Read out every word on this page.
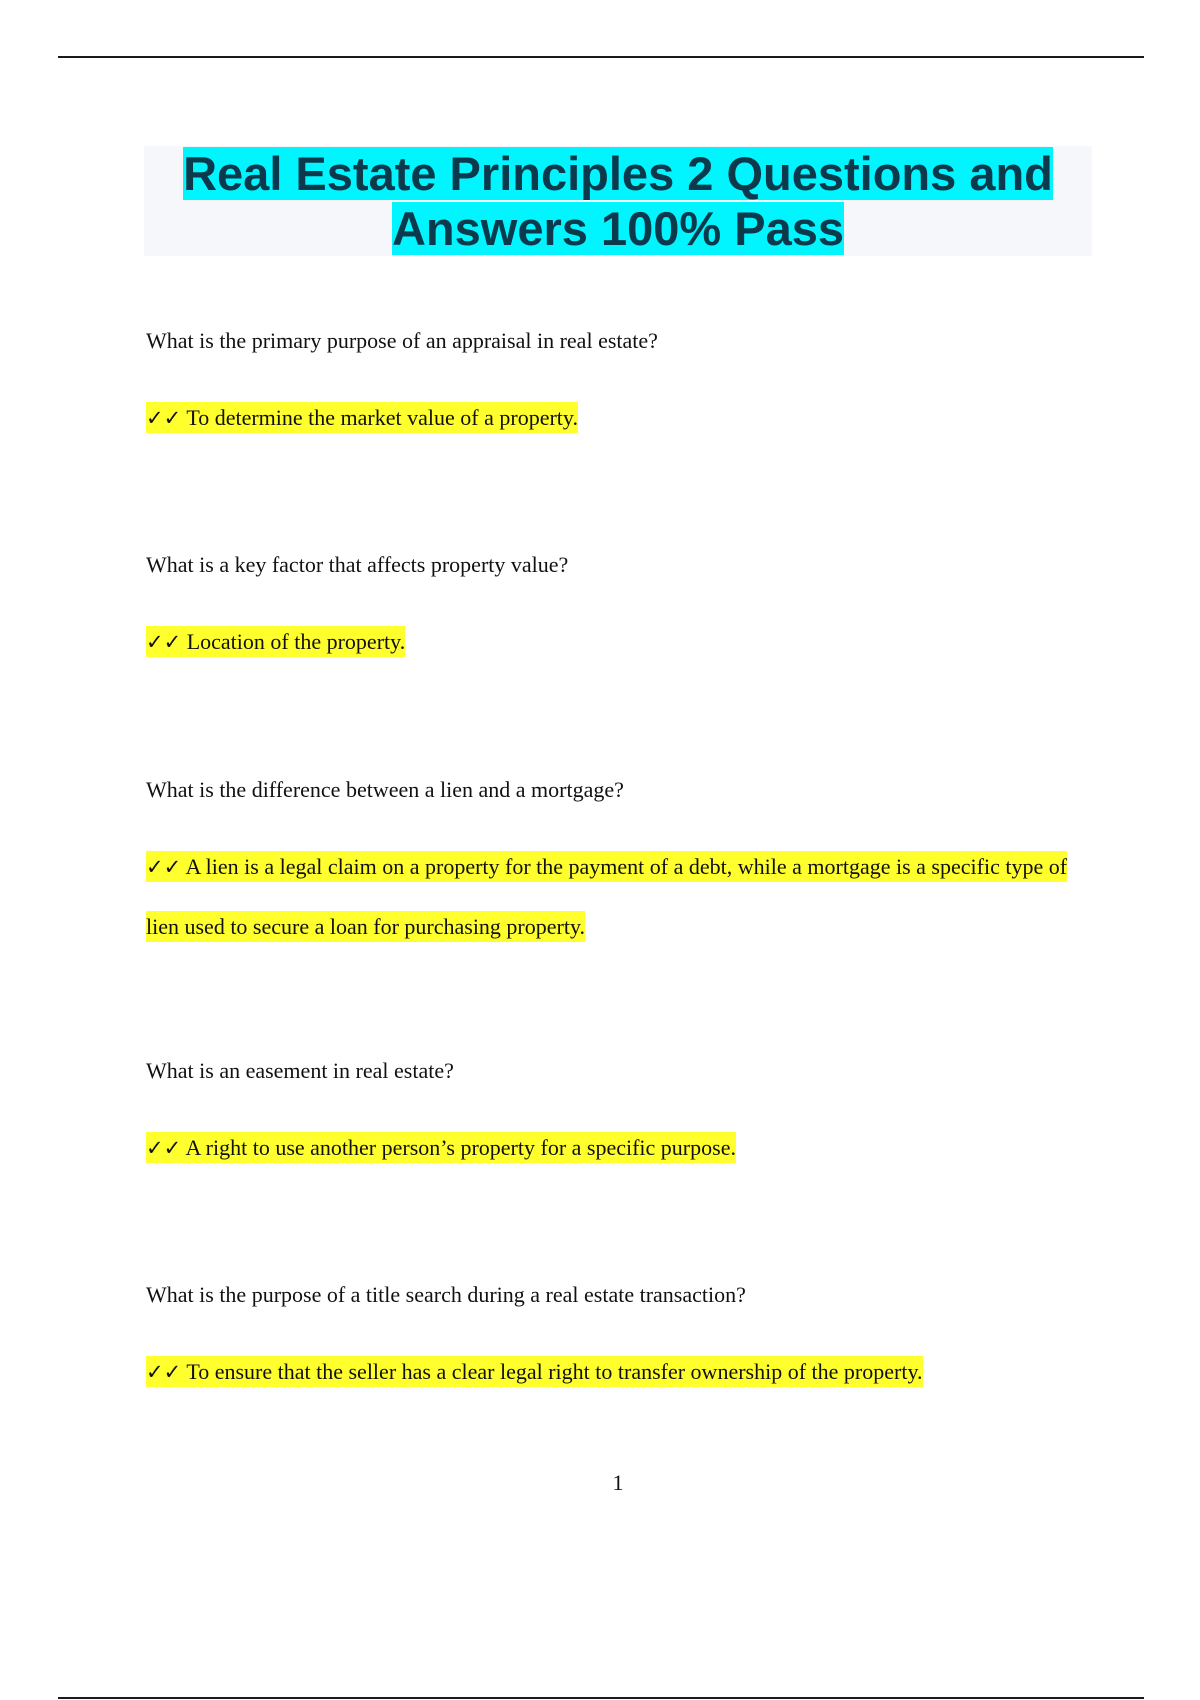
Real Estate Principles 2 Questions and Answers 100% Pass

What is the primary purpose of an appraisal in real estate?

✓✓ To determine the market value of a property.

What is a key factor that affects property value?

✓✓ Location of the property.

What is the difference between a lien and a mortgage?

✓✓ A lien is a legal claim on a property for the payment of a debt, while a mortgage is a specific type of lien used to secure a loan for purchasing property.

What is an easement in real estate?

✓✓ A right to use another person’s property for a specific purpose.

What is the purpose of a title search during a real estate transaction?

✓✓ To ensure that the seller has a clear legal right to transfer ownership of the property.

1
